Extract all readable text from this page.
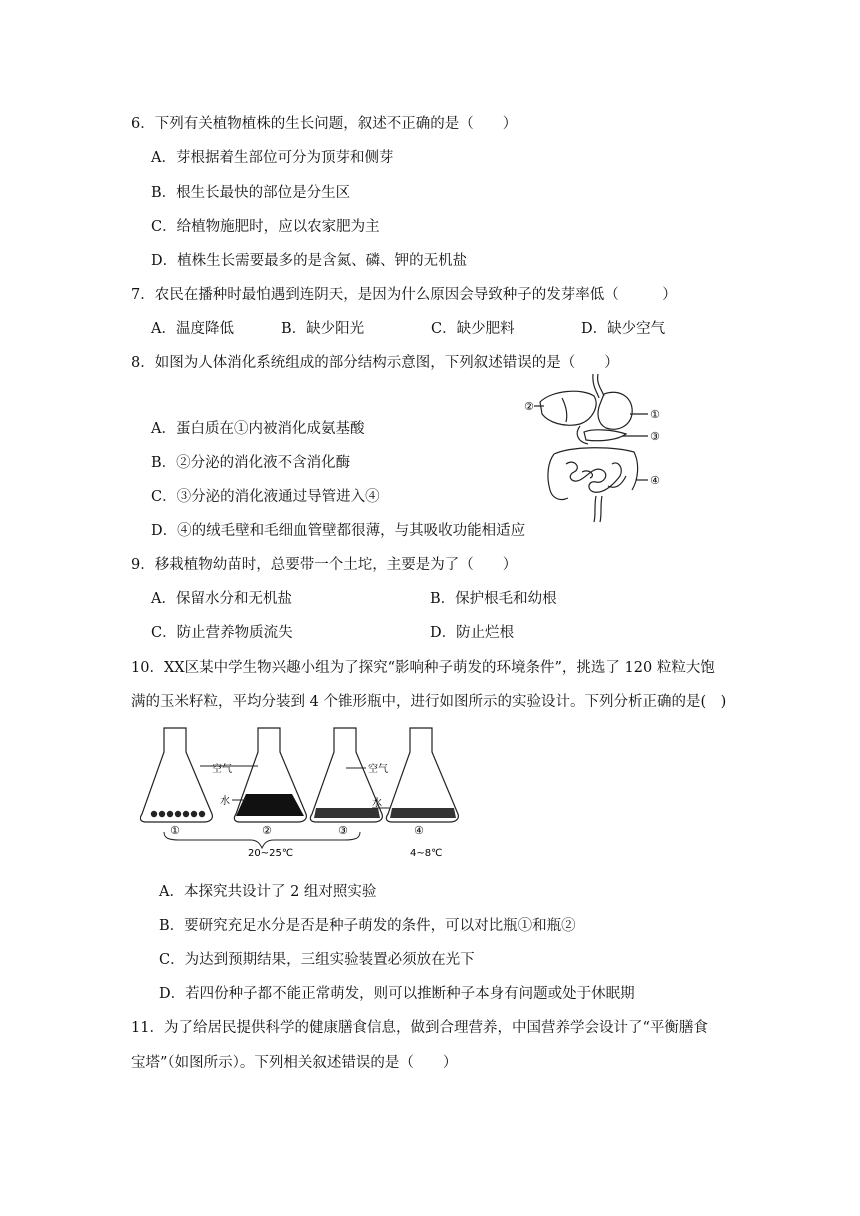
6．下列有关植物植株的生长问题，叙述不正确的是（　　）
A．芽根据着生部位可分为顶芽和侧芽
B．根生长最快的部位是分生区
C．给植物施肥时，应以农家肥为主
D．植株生长需要最多的是含氮、磷、钾的无机盐
7．农民在播种时最怕遇到连阴天，是因为什么原因会导致种子的发芽率低（　　　）
A．温度降低	B．缺少阳光	C．缺少肥料	D．缺少空气
8．如图为人体消化系统组成的部分结构示意图，下列叙述错误的是（　　）
A．蛋白质在①内被消化成氨基酸
B．②分泌的消化液不含消化酶
C．③分泌的消化液通过导管进入④
D．④的绒毛壁和毛细血管壁都很薄，与其吸收功能相适应
②
①
③
④
9．移栽植物幼苗时，总要带一个土坨，主要是为了（　　）
A．保留水分和无机盐	B．保护根毛和幼根
C．防止营养物质流失	D．防止烂根
10．XX区某中学生物兴趣小组为了探究“影响种子萌发的环境条件”，挑选了 120 粒粒大饱
满的玉米籽粒，平均分装到 4 个锥形瓶中，进行如图所示的实验设计。下列分析正确的是(　)
空气	空气
水	水
①	②	③	④
20~25℃	4~8℃
A．本探究共设计了 2 组对照实验
B．要研究充足水分是否是种子萌发的条件，可以对比瓶①和瓶②
C．为达到预期结果，三组实验装置必须放在光下
D．若四份种子都不能正常萌发，则可以推断种子本身有问题或处于休眠期
11．为了给居民提供科学的健康膳食信息，做到合理营养，中国营养学会设计了“平衡膳食
宝塔”（如图所示）。下列相关叙述错误的是（　　）
